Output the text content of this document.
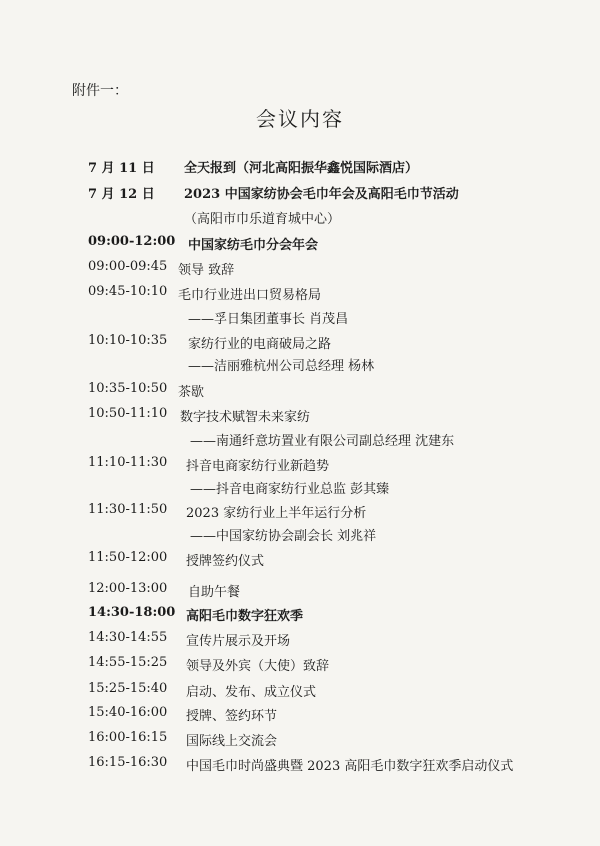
附件一：
会议内容
7 月 11 日 全天报到（河北高阳振华鑫悦国际酒店）
7 月 12 日 2023 中国家纺协会毛巾年会及高阳毛巾节活动
（高阳市巾乐道育城中心）
09:00-12:00 中国家纺毛巾分会年会
09:00-09:45 领导 致辞
09:45-10:10 毛巾行业进出口贸易格局
——孚日集团董事长 肖茂昌
10:10-10:35 家纺行业的电商破局之路
——洁丽雅杭州公司总经理 杨林
10:35-10:50 茶歇
10:50-11:10 数字技术赋智未来家纺
——南通纤意坊置业有限公司副总经理 沈建东
11:10-11:30 抖音电商家纺行业新趋势
——抖音电商家纺行业总监 彭其臻
11:30-11:50 2023 家纺行业上半年运行分析
——中国家纺协会副会长 刘兆祥
11:50-12:00 授牌签约仪式
12:00-13:00 自助午餐
14:30-18:00 高阳毛巾数字狂欢季
14:30-14:55 宣传片展示及开场
14:55-15:25 领导及外宾（大使）致辞
15:25-15:40 启动、发布、成立仪式
15:40-16:00 授牌、签约环节
16:00-16:15 国际线上交流会
16:15-16:30 中国毛巾时尚盛典暨 2023 高阳毛巾数字狂欢季启动仪式
